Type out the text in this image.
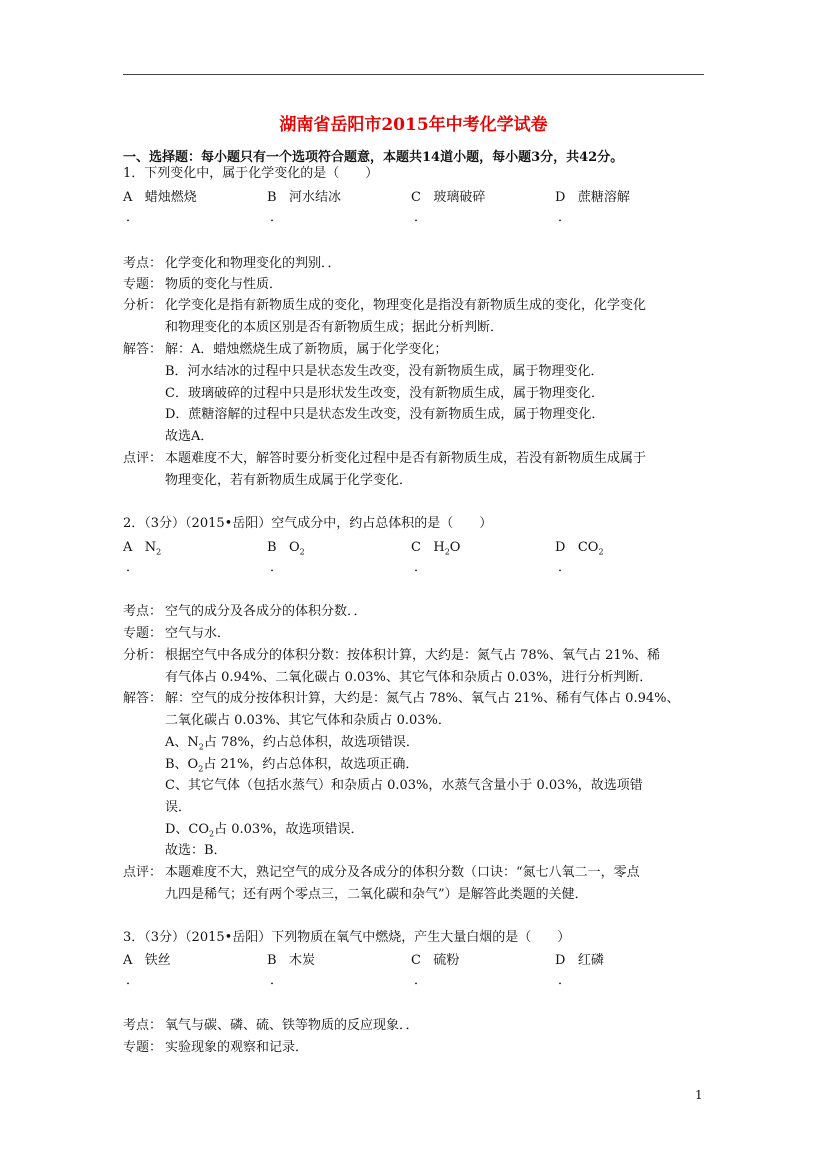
湖南省岳阳市2015年中考化学试卷
一、选择题：每小题只有一个选项符合题意，本题共14道小题，每小题3分，共42分。
1．下列变化中，属于化学变化的是（　　）
A 蜡烛燃烧	B 河水结冰	C 玻璃破碎	D 蔗糖溶解
．	．	．	．
考点： 化学变化和物理变化的判别．．
专题： 物质的变化与性质．
分析： 化学变化是指有新物质生成的变化，物理变化是指没有新物质生成的变化，化学变化
和物理变化的本质区别是否有新物质生成；据此分析判断．
解答： 解：A．蜡烛燃烧生成了新物质，属于化学变化；
B．河水结冰的过程中只是状态发生改变，没有新物质生成，属于物理变化．
C．玻璃破碎的过程中只是形状发生改变，没有新物质生成，属于物理变化．
D．蔗糖溶解的过程中只是状态发生改变，没有新物质生成，属于物理变化．
故选A．
点评： 本题难度不大，解答时要分析变化过程中是否有新物质生成，若没有新物质生成属于
物理变化，若有新物质生成属于化学变化．
2．（3分）（2015•岳阳）空气成分中，约占总体积的是（　　）
A $N_2$	B $O_2$	C $H_2O$	D $CO_2$
．	．	．	．
考点： 空气的成分及各成分的体积分数．．
专题： 空气与水．
分析： 根据空气中各成分的体积分数：按体积计算，大约是：氮气占 78%、氧气占 21%、稀
有气体占 0.94%、二氧化碳占 0.03%、其它气体和杂质占 0.03%，进行分析判断．
解答： 解：空气的成分按体积计算，大约是：氮气占 78%、氧气占 21%、稀有气体占 0.94%、
二氧化碳占 0.03%、其它气体和杂质占 0.03%．
A、$N_2$占 78%，约占总体积，故选项错误．
B、$O_2$占 21%，约占总体积，故选项正确．
C、其它气体（包括水蒸气）和杂质占 0.03%，水蒸气含量小于 0.03%，故选项错
误．
D、$CO_2$占 0.03%，故选项错误．
故选：B．
点评： 本题难度不大，熟记空气的成分及各成分的体积分数（口诀：“氮七八氧二一，零点
九四是稀气；还有两个零点三，二氧化碳和杂气”）是解答此类题的关健．
3．（3分）（2015•岳阳）下列物质在氧气中燃烧，产生大量白烟的是（　　）
A 铁丝	B 木炭	C 硫粉	D 红磷
．	．	．	．
考点： 氧气与碳、磷、硫、铁等物质的反应现象．．
专题： 实验现象的观察和记录．
1
